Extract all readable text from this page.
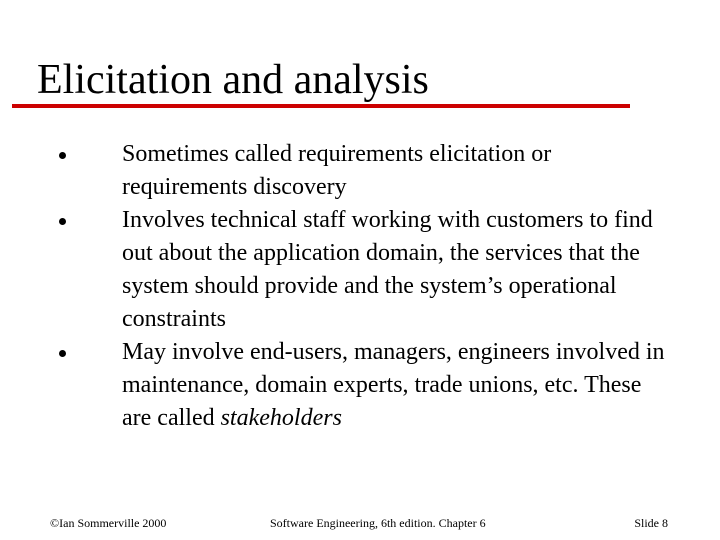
Elicitation and analysis
Sometimes called requirements elicitation or requirements discovery
Involves technical staff working with customers to find out about the application domain, the services that the system should provide and the system’s operational constraints
May involve end-users, managers, engineers involved in maintenance, domain experts, trade unions, etc. These are called stakeholders
©Ian Sommerville 2000	Software Engineering, 6th edition. Chapter 6	Slide 8
